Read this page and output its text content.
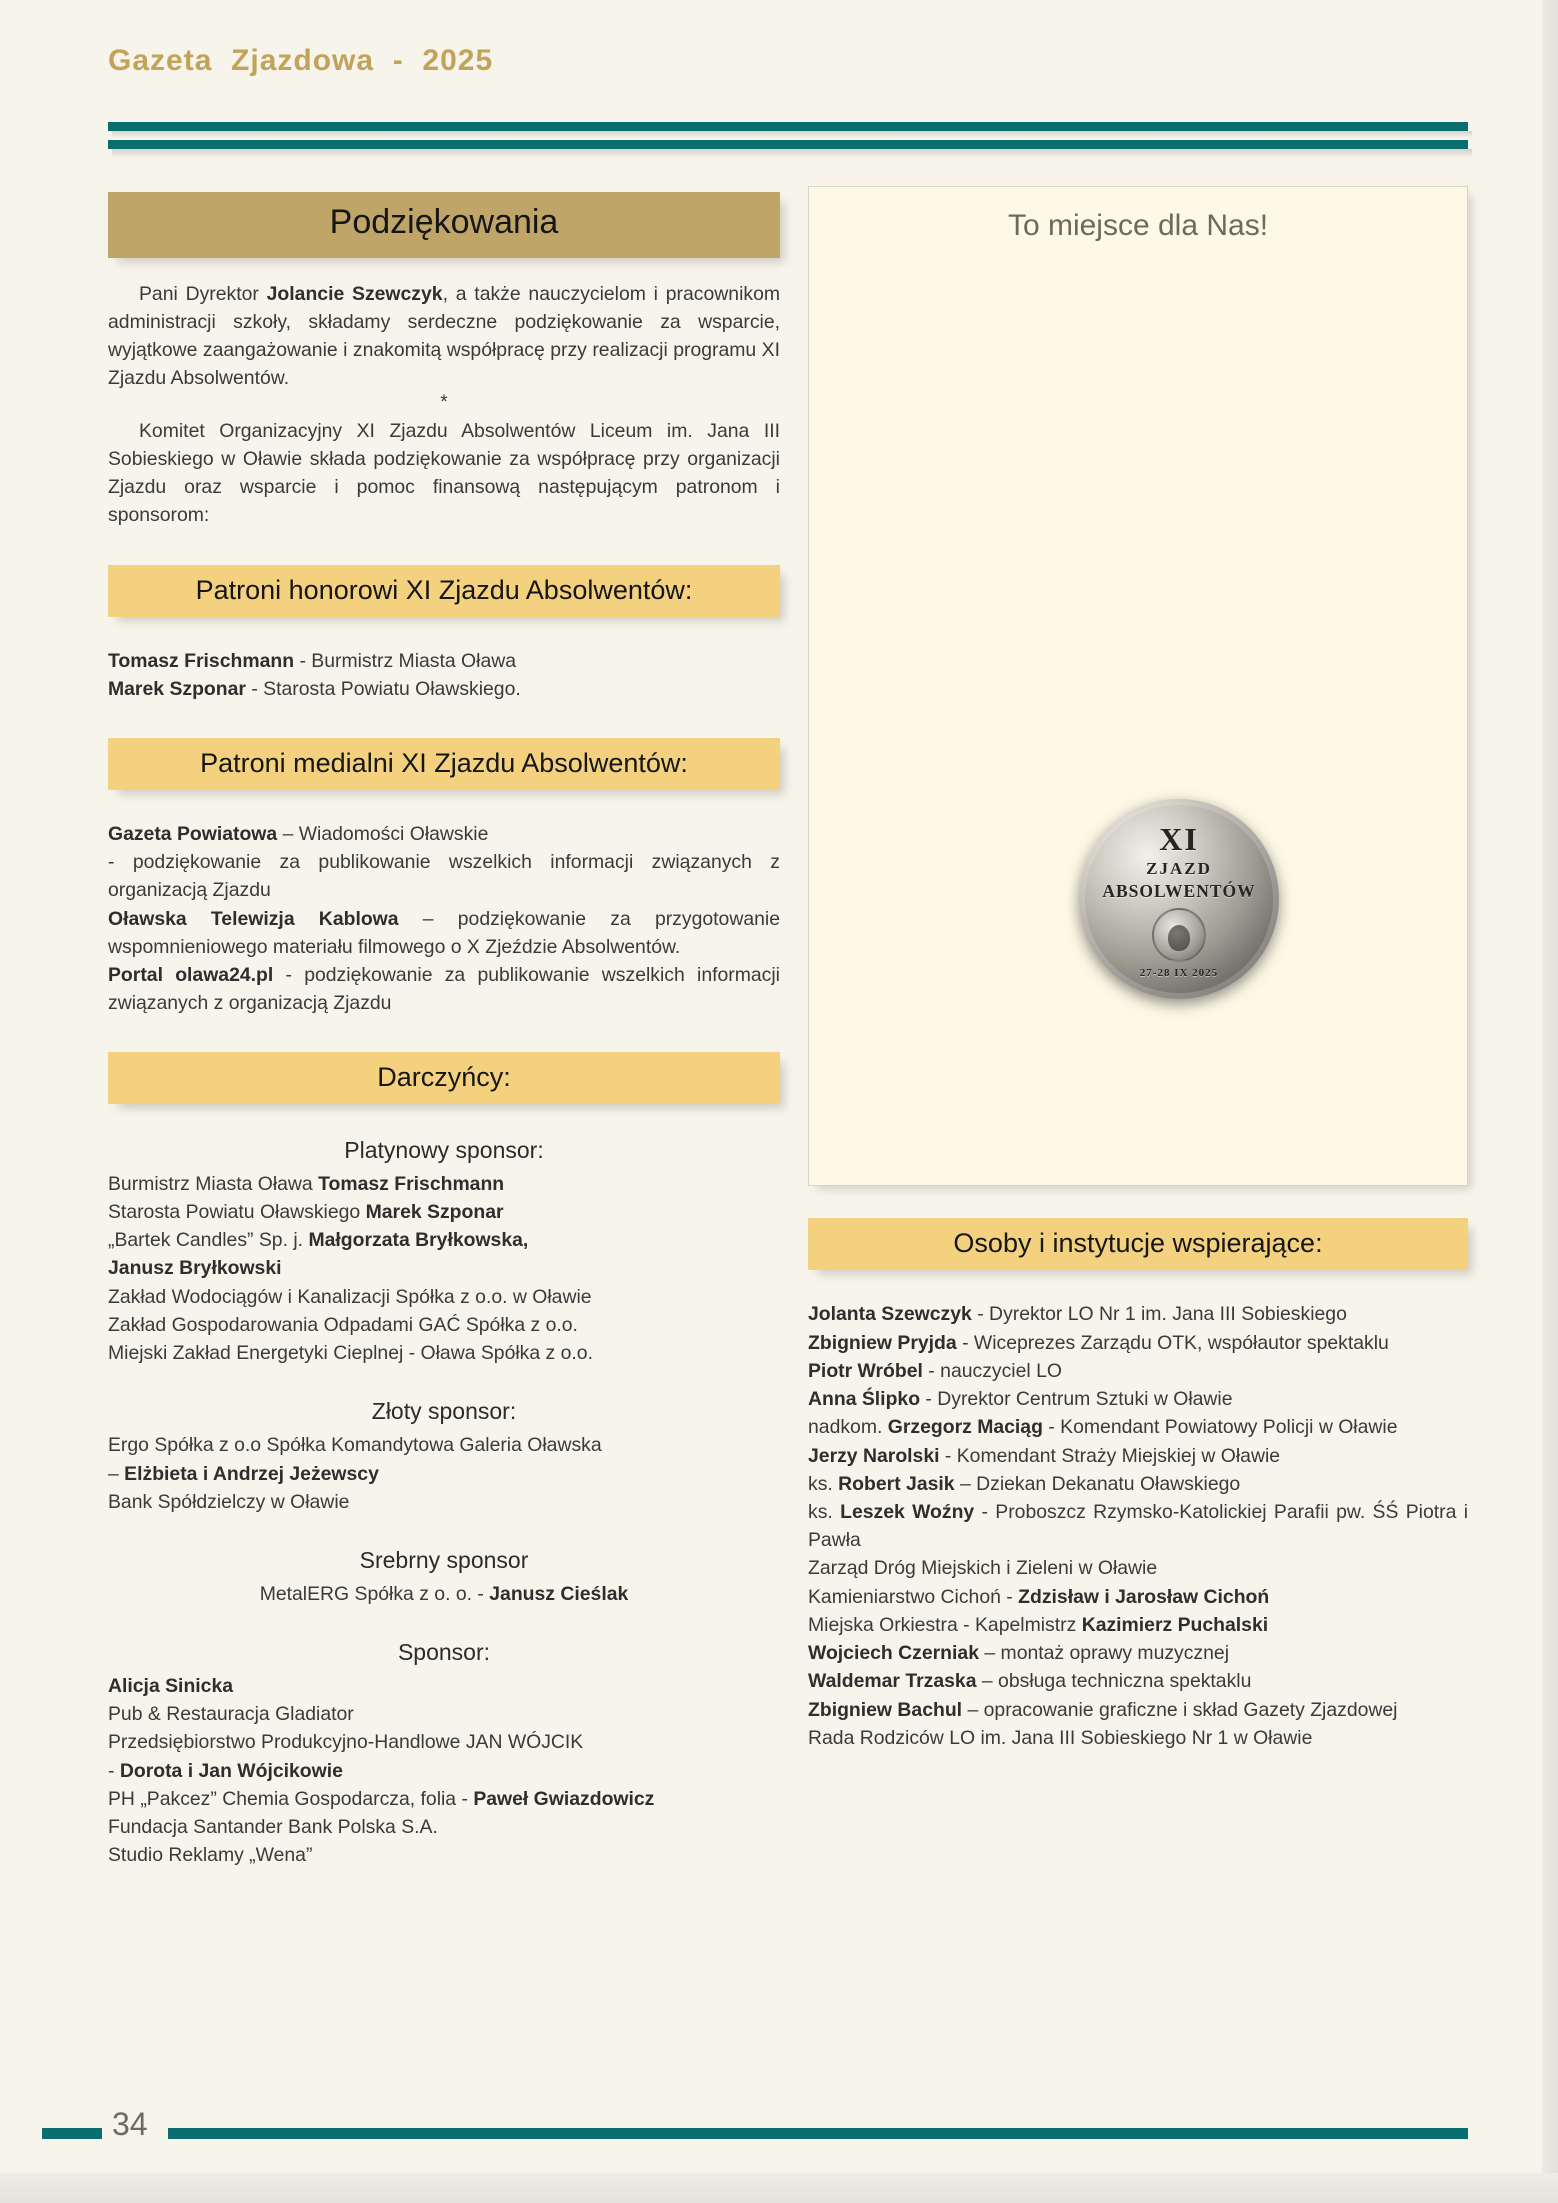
Gazeta  Zjazdowa  -  2025
Podziękowania

Pani Dyrektor Jolancie Szewczyk, a także nauczycielom i pracownikom administracji szkoły, składamy serdeczne podziękowanie za wsparcie, wyjątkowe zaangażowanie i znakomitą współpracę przy realizacji programu XI Zjazdu Absolwentów.

*

Komitet Organizacyjny XI Zjazdu Absolwentów Liceum im. Jana III Sobieskiego w Oławie składa podziękowanie za współpracę przy organizacji Zjazdu oraz wsparcie i pomoc finansową następującym patronom i sponsorom:

Patroni honorowi XI Zjazdu Absolwentów:
Tomasz Frischmann - Burmistrz Miasta Oława
Marek Szponar - Starosta Powiatu Oławskiego.
Patroni medialni XI Zjazdu Absolwentów:
Gazeta Powiatowa – Wiadomości Oławskie
- podziękowanie za publikowanie wszelkich informacji związanych z organizacją Zjazdu
Oławska Telewizja Kablowa – podziękowanie za przygotowanie wspomnieniowego materiału filmowego o X Zjeździe Absolwentów.
Portal olawa24.pl - podziękowanie za publikowanie wszelkich informacji związanych z organizacją Zjazdu
Darczyńcy:
Platynowy sponsor:
Burmistrz Miasta Oława Tomasz Frischmann
Starosta Powiatu Oławskiego Marek Szponar
„Bartek Candles” Sp. j. Małgorzata Bryłkowska,
Janusz Bryłkowski
Zakład Wodociągów i Kanalizacji Spółka z o.o. w Oławie
Zakład Gospodarowania Odpadami GAĆ Spółka z o.o.
Miejski Zakład Energetyki Cieplnej - Oława Spółka z o.o.
Złoty sponsor:
Ergo Spółka z o.o Spółka Komandytowa Galeria Oławska
– Elżbieta i Andrzej Jeżewscy
Bank Spółdzielczy w Oławie
Srebrny sponsor
MetalERG Spółka z o. o. - Janusz Cieślak
Sponsor:
Alicja Sinicka
Pub & Restauracja Gladiator
Przedsiębiorstwo Produkcyjno-Handlowe JAN WÓJCIK
- Dorota i Jan Wójcikowie
PH „Pakcez” Chemia Gospodarcza, folia - Paweł Gwiazdowicz
Fundacja Santander Bank Polska S.A.
Studio Reklamy „Wena”
To miejsce dla Nas!
XI
ZJAZD
ABSOLWENTÓW
27-28 IX 2025
Osoby i instytucje wspierające:
Jolanta Szewczyk - Dyrektor LO Nr 1 im. Jana III Sobieskiego
Zbigniew Pryjda - Wiceprezes Zarządu OTK, współautor spektaklu
Piotr Wróbel - nauczyciel LO
Anna Ślipko - Dyrektor Centrum Sztuki w Oławie
nadkom. Grzegorz Maciąg - Komendant Powiatowy Policji w Oławie
Jerzy Narolski - Komendant Straży Miejskiej w Oławie
ks. Robert Jasik – Dziekan Dekanatu Oławskiego
ks. Leszek Woźny - Proboszcz Rzymsko-Katolickiej Parafii pw. ŚŚ Piotra i Pawła
Zarząd Dróg Miejskich i Zieleni w Oławie
Kamieniarstwo Cichoń - Zdzisław i Jarosław Cichoń
Miejska Orkiestra - Kapelmistrz Kazimierz Puchalski
Wojciech Czerniak – montaż oprawy muzycznej
Waldemar Trzaska – obsługa techniczna spektaklu
Zbigniew Bachul – opracowanie graficzne i skład Gazety Zjazdowej
Rada Rodziców LO im. Jana III Sobieskiego Nr 1 w Oławie
34
